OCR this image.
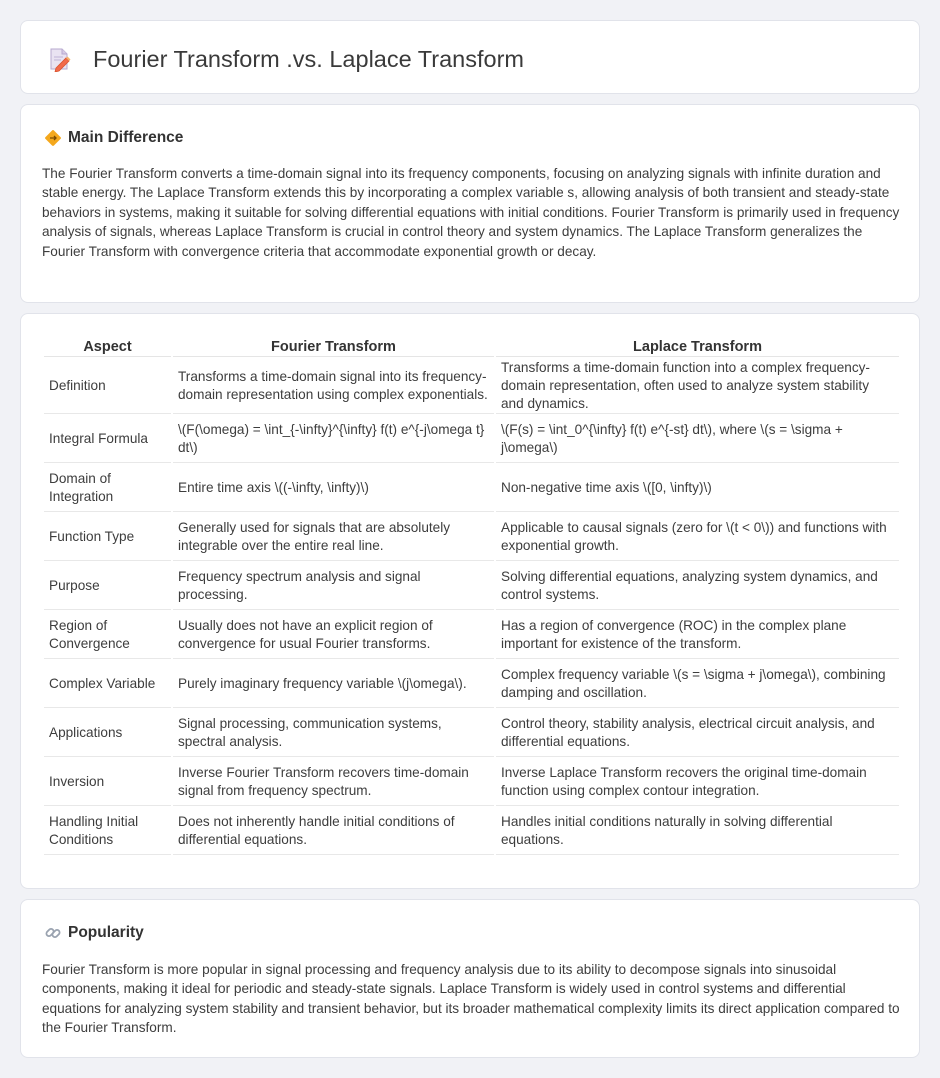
Fourier Transform .vs. Laplace Transform
Main Difference

The Fourier Transform converts a time-domain signal into its frequency components, focusing on analyzing signals with infinite duration and stable energy. The Laplace Transform extends this by incorporating a complex variable s, allowing analysis of both transient and steady-state behaviors in systems, making it suitable for solving differential equations with initial conditions. Fourier Transform is primarily used in frequency analysis of signals, whereas Laplace Transform is crucial in control theory and system dynamics. The Laplace Transform generalizes the Fourier Transform with convergence criteria that accommodate exponential growth or decay.

Aspect	Fourier Transform	Laplace Transform
Definition	Transforms a time-domain signal into its frequency-domain representation using complex exponentials.	Transforms a time-domain function into a complex frequency-domain representation, often used to analyze system stability and dynamics.
Integral Formula	\(F(\omega) = \int_{-\infty}^{\infty} f(t) e^{-j\omega t} dt\)	\(F(s) = \int_0^{\infty} f(t) e^{-st} dt\), where \(s = \sigma + j\omega\)
Domain of Integration	Entire time axis \((-\infty, \infty)\)	Non-negative time axis \([0, \infty)\)
Function Type	Generally used for signals that are absolutely integrable over the entire real line.	Applicable to causal signals (zero for \(t < 0\)) and functions with exponential growth.
Purpose	Frequency spectrum analysis and signal processing.	Solving differential equations, analyzing system dynamics, and control systems.
Region of Convergence	Usually does not have an explicit region of convergence for usual Fourier transforms.	Has a region of convergence (ROC) in the complex plane important for existence of the transform.
Complex Variable	Purely imaginary frequency variable \(j\omega\).	Complex frequency variable \(s = \sigma + j\omega\), combining damping and oscillation.
Applications	Signal processing, communication systems, spectral analysis.	Control theory, stability analysis, electrical circuit analysis, and differential equations.
Inversion	Inverse Fourier Transform recovers time-domain signal from frequency spectrum.	Inverse Laplace Transform recovers the original time-domain function using complex contour integration.
Handling Initial Conditions	Does not inherently handle initial conditions of differential equations.	Handles initial conditions naturally in solving differential equations.
Popularity

Fourier Transform is more popular in signal processing and frequency analysis due to its ability to decompose signals into sinusoidal components, making it ideal for periodic and steady-state signals. Laplace Transform is widely used in control systems and differential equations for analyzing system stability and transient behavior, but its broader mathematical complexity limits its direct application compared to the Fourier Transform.
